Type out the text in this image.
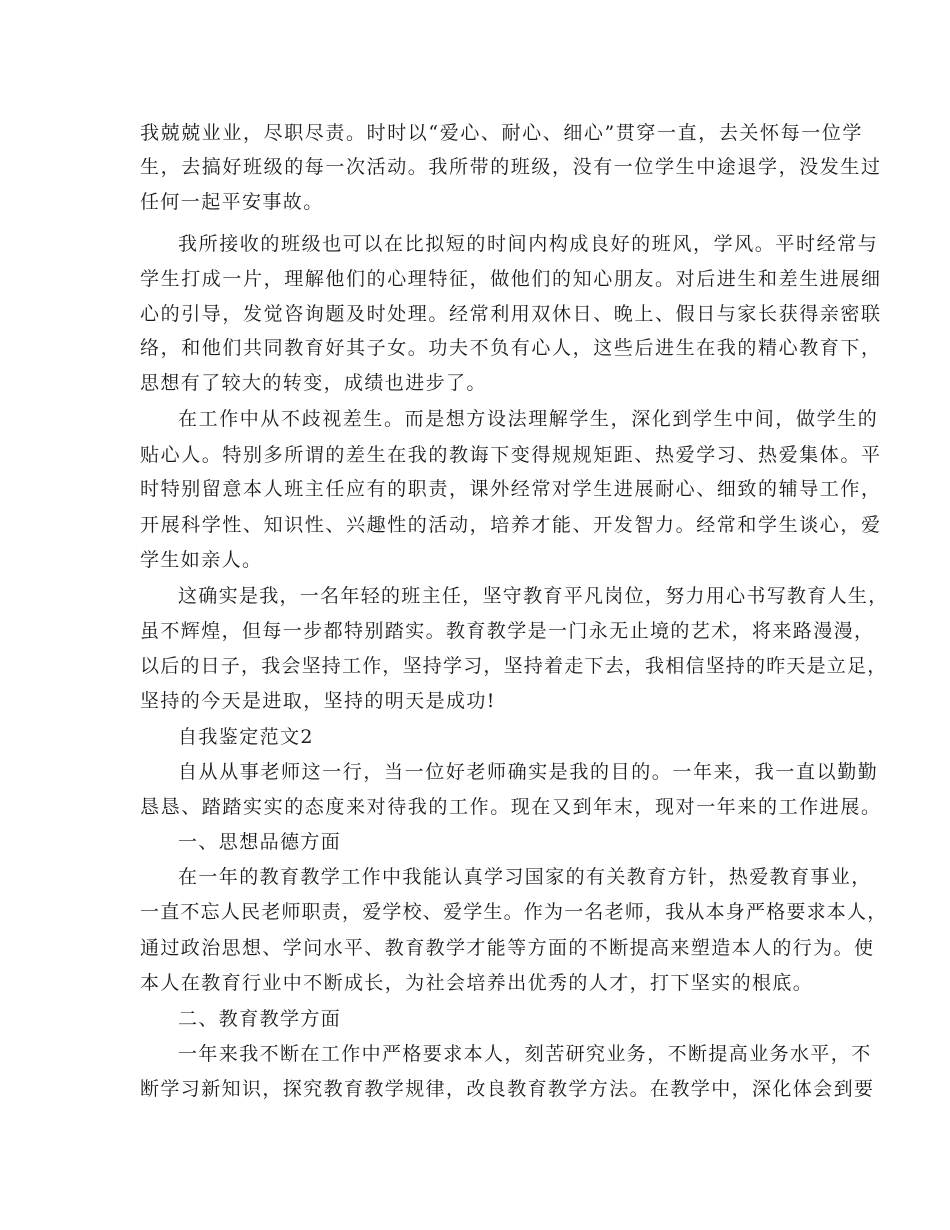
我兢兢业业，尽职尽责。时时以“爱心、耐心、细心”贯穿一直，去关怀每一位学
生，去搞好班级的每一次活动。我所带的班级，没有一位学生中途退学，没发生过
任何一起平安事故。
我所接收的班级也可以在比拟短的时间内构成良好的班风，学风。平时经常与
学生打成一片，理解他们的心理特征，做他们的知心朋友。对后进生和差生进展细
心的引导，发觉咨询题及时处理。经常利用双休日、晚上、假日与家长获得亲密联
络，和他们共同教育好其子女。功夫不负有心人，这些后进生在我的精心教育下，
思想有了较大的转变，成绩也进步了。
在工作中从不歧视差生。而是想方设法理解学生，深化到学生中间，做学生的
贴心人。特别多所谓的差生在我的教诲下变得规规矩距、热爱学习、热爱集体。平
时特别留意本人班主任应有的职责，课外经常对学生进展耐心、细致的辅导工作，
开展科学性、知识性、兴趣性的活动，培养才能、开发智力。经常和学生谈心，爱
学生如亲人。
这确实是我，一名年轻的班主任，坚守教育平凡岗位，努力用心书写教育人生，
虽不辉煌，但每一步都特别踏实。教育教学是一门永无止境的艺术，将来路漫漫，
以后的日子，我会坚持工作，坚持学习，坚持着走下去，我相信坚持的昨天是立足，
坚持的今天是进取，坚持的明天是成功!
自我鉴定范文2
自从从事老师这一行，当一位好老师确实是我的目的。一年来，我一直以勤勤
恳恳、踏踏实实的态度来对待我的工作。现在又到年末，现对一年来的工作进展。
一、思想品德方面
在一年的教育教学工作中我能认真学习国家的有关教育方针，热爱教育事业，
一直不忘人民老师职责，爱学校、爱学生。作为一名老师，我从本身严格要求本人，
通过政治思想、学问水平、教育教学才能等方面的不断提高来塑造本人的行为。使
本人在教育行业中不断成长，为社会培养出优秀的人才，打下坚实的根底。
二、教育教学方面
一年来我不断在工作中严格要求本人，刻苦研究业务，不断提高业务水平，不
断学习新知识，探究教育教学规律，改良教育教学方法。在教学中，深化体会到要
